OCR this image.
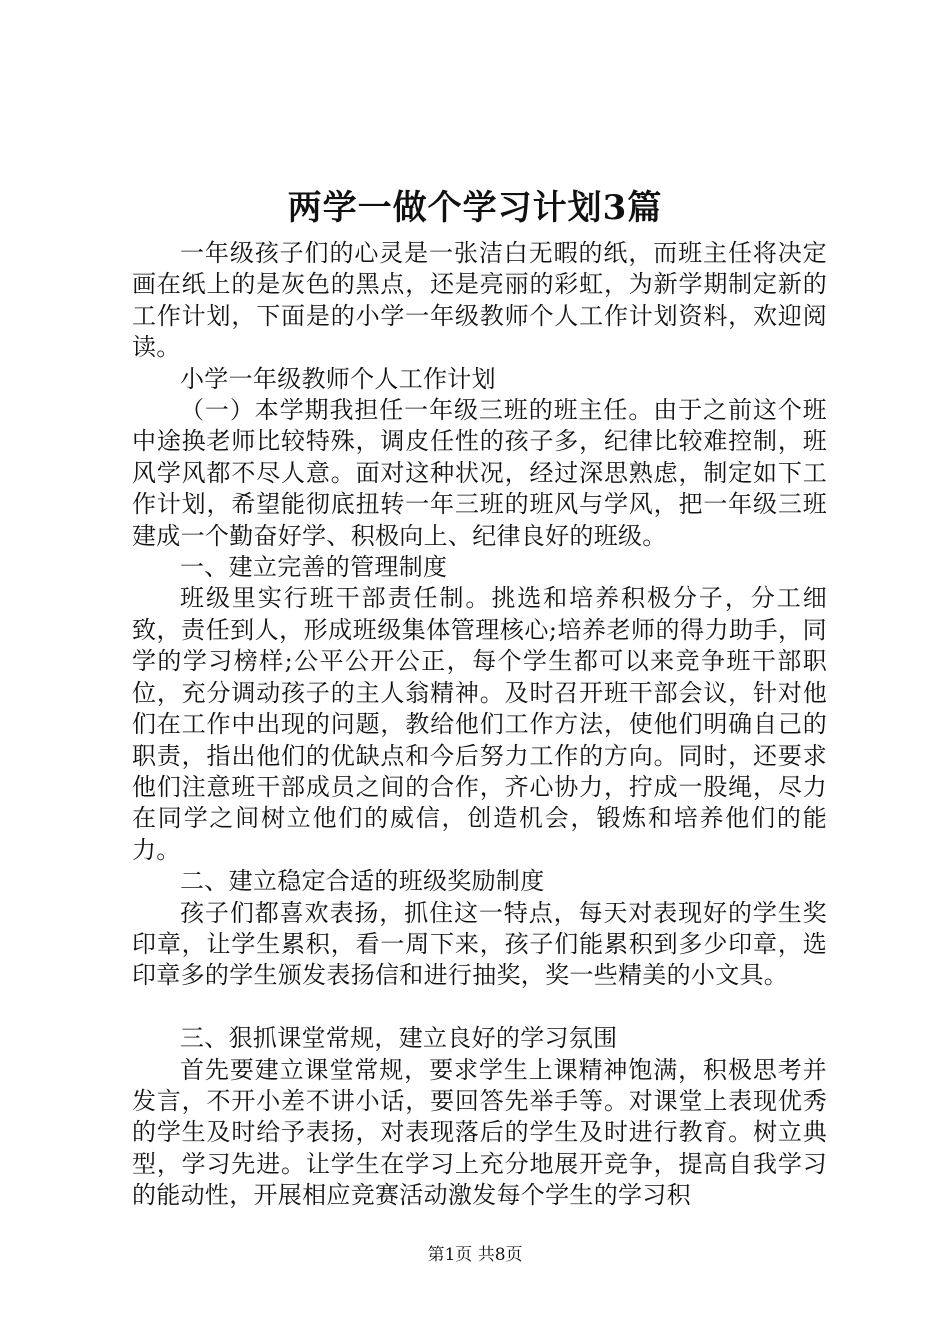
两学一做个学习计划3篇

一年级孩子们的心灵是一张洁白无暇的纸，而班主任将决定画在纸上的是灰色的黑点，还是亮丽的彩虹，为新学期制定新的工作计划，下面是的小学一年级教师个人工作计划资料，欢迎阅读。

小学一年级教师个人工作计划

（一）本学期我担任一年级三班的班主任。由于之前这个班中途换老师比较特殊，调皮任性的孩子多，纪律比较难控制，班风学风都不尽人意。面对这种状况，经过深思熟虑，制定如下工作计划，希望能彻底扭转一年三班的班风与学风，把一年级三班建成一个勤奋好学、积极向上、纪律良好的班级。

一、建立完善的管理制度

班级里实行班干部责任制。挑选和培养积极分子，分工细致，责任到人，形成班级集体管理核心;培养老师的得力助手，同学的学习榜样;公平公开公正，每个学生都可以来竞争班干部职位，充分调动孩子的主人翁精神。及时召开班干部会议，针对他们在工作中出现的问题，教给他们工作方法，使他们明确自己的职责，指出他们的优缺点和今后努力工作的方向。同时，还要求他们注意班干部成员之间的合作，齐心协力，拧成一股绳，尽力在同学之间树立他们的威信，创造机会，锻炼和培养他们的能力。

二、建立稳定合适的班级奖励制度

孩子们都喜欢表扬，抓住这一特点，每天对表现好的学生奖印章，让学生累积，看一周下来，孩子们能累积到多少印章，选印章多的学生颁发表扬信和进行抽奖，奖一些精美的小文具。

三、狠抓课堂常规，建立良好的学习氛围

首先要建立课堂常规，要求学生上课精神饱满，积极思考并发言，不开小差不讲小话，要回答先举手等。对课堂上表现优秀的学生及时给予表扬，对表现落后的学生及时进行教育。树立典型，学习先进。让学生在学习上充分地展开竞争，提高自我学习的能动性，开展相应竞赛活动激发每个学生的学习积

第1页 共8页
